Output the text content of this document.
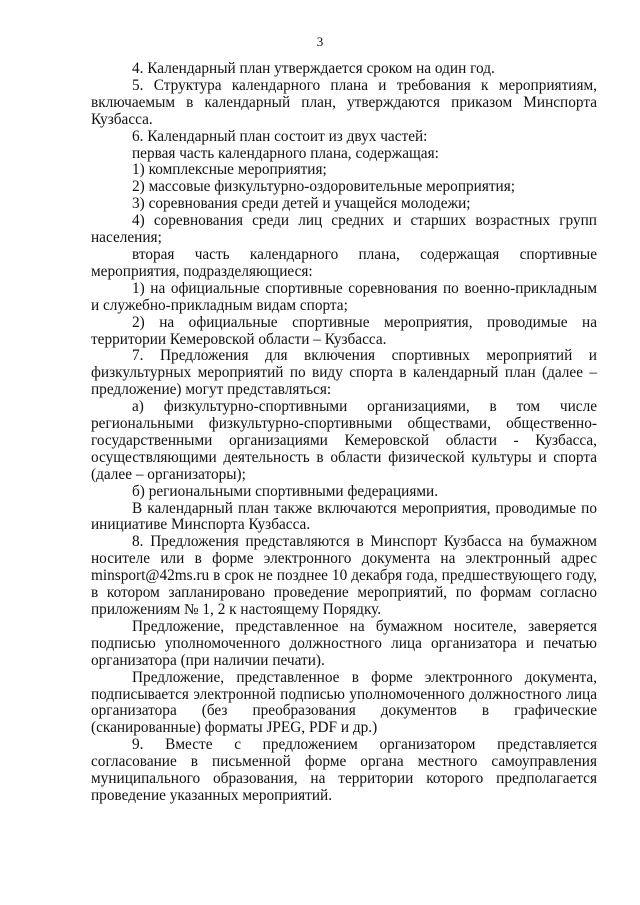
3

4. Календарный план утверждается сроком на один год.

5. Структура календарного плана и требования к мероприятиям, включаемым в календарный план, утверждаются приказом Минспорта Кузбасса.

6. Календарный план состоит из двух частей:

первая часть календарного плана, содержащая:

1) комплексные мероприятия;

2) массовые физкультурно-оздоровительные мероприятия;

3) соревнования среди детей и учащейся молодежи;

4) соревнования среди лиц средних и старших возрастных групп населения;

вторая часть календарного плана, содержащая спортивные мероприятия, подразделяющиеся:

1) на официальные спортивные соревнования по военно-прикладным и служебно-прикладным видам спорта;

2) на официальные спортивные мероприятия, проводимые на территории Кемеровской области – Кузбасса.

7. Предложения для включения спортивных мероприятий и физкультурных мероприятий по виду спорта в календарный план (далее – предложение) могут представляться:

а) физкультурно-спортивными организациями, в том числе региональными физкультурно-спортивными обществами, общественно-государственными организациями Кемеровской области - Кузбасса, осуществляющими деятельность в области физической культуры и спорта (далее – организаторы);

б) региональными спортивными федерациями.

В календарный план также включаются мероприятия, проводимые по инициативе Минспорта Кузбасса.

8. Предложения представляются в Минспорт Кузбасса на бумажном носителе или в форме электронного документа на электронный адрес minsport@42ms.ru в срок не позднее 10 декабря года, предшествующего году, в котором запланировано проведение мероприятий, по формам согласно приложениям № 1, 2 к настоящему Порядку.

Предложение, представленное на бумажном носителе, заверяется подписью уполномоченного должностного лица организатора и печатью организатора (при наличии печати).

Предложение, представленное в форме электронного документа, подписывается электронной подписью уполномоченного должностного лица организатора (без преобразования документов в графические (сканированные) форматы JPEG, PDF и др.)

9. Вместе с предложением организатором представляется согласование в письменной форме органа местного самоуправления муниципального образования, на территории которого предполагается проведение указанных мероприятий.
